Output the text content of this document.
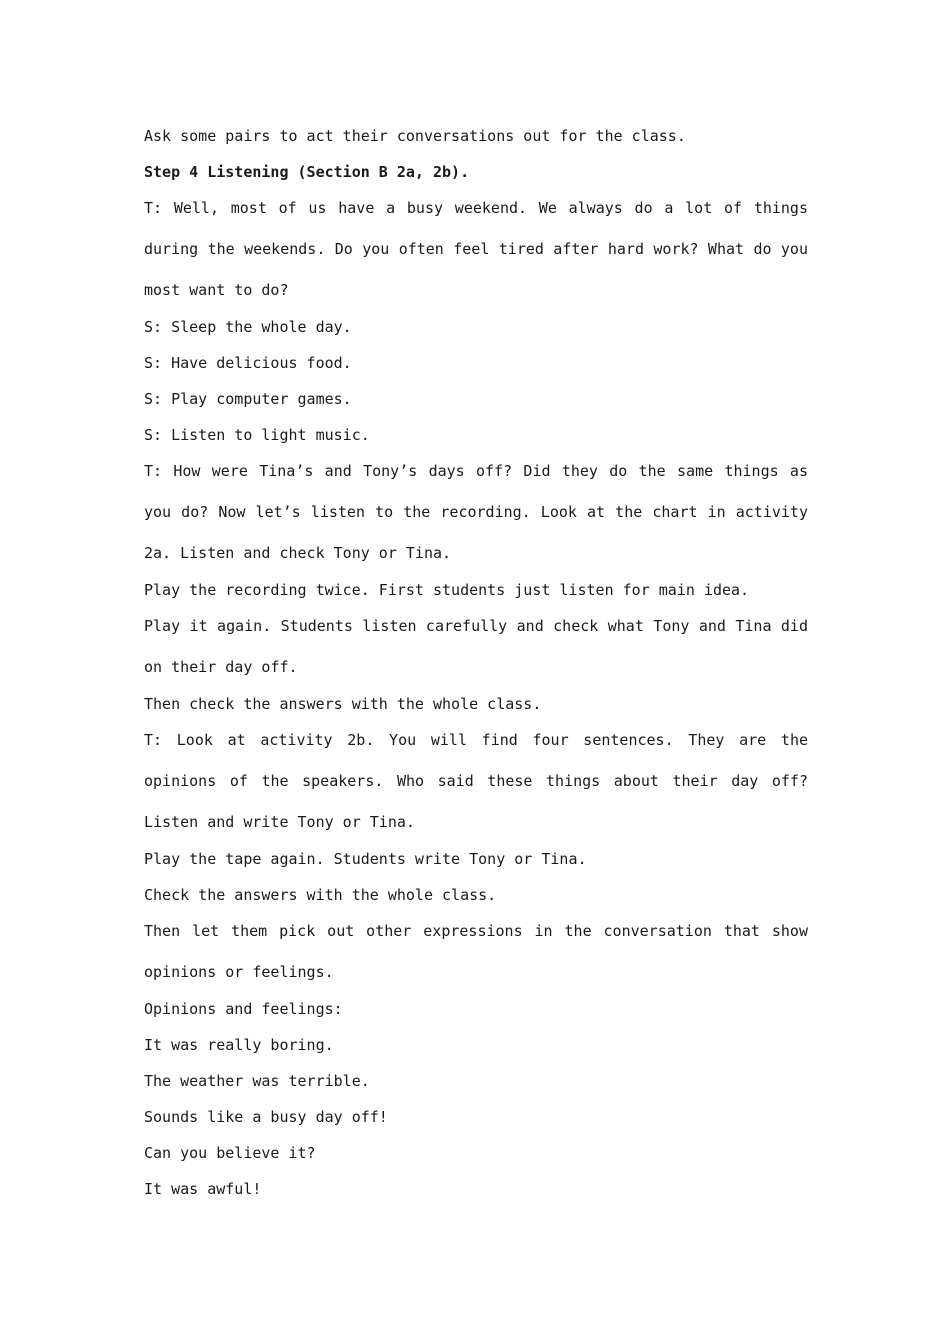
Ask some pairs to act their conversations out for the class.

Step 4 Listening (Section B 2a, 2b).

T: Well, most of us have a busy weekend. We always do a lot of things during the weekends. Do you often feel tired after hard work? What do you most want to do?

S: Sleep the whole day.

S: Have delicious food.

S: Play computer games.

S: Listen to light music.

T: How were Tina’s and Tony’s days off? Did they do the same things as you do? Now let’s listen to the recording. Look at the chart in activity 2a. Listen and check Tony or Tina.

Play the recording twice. First students just listen for main idea.

Play it again. Students listen carefully and check what Tony and Tina did on their day off.

Then check the answers with the whole class.

T: Look at activity 2b. You will find four sentences. They are the opinions of the speakers. Who said these things about their day off? Listen and write Tony or Tina.

Play the tape again. Students write Tony or Tina.

Check the answers with the whole class.

Then let them pick out other expressions in the conversation that show opinions or feelings.

Opinions and feelings:

It was really boring.

The weather was terrible.

Sounds like a busy day off!

Can you believe it?

It was awful!
